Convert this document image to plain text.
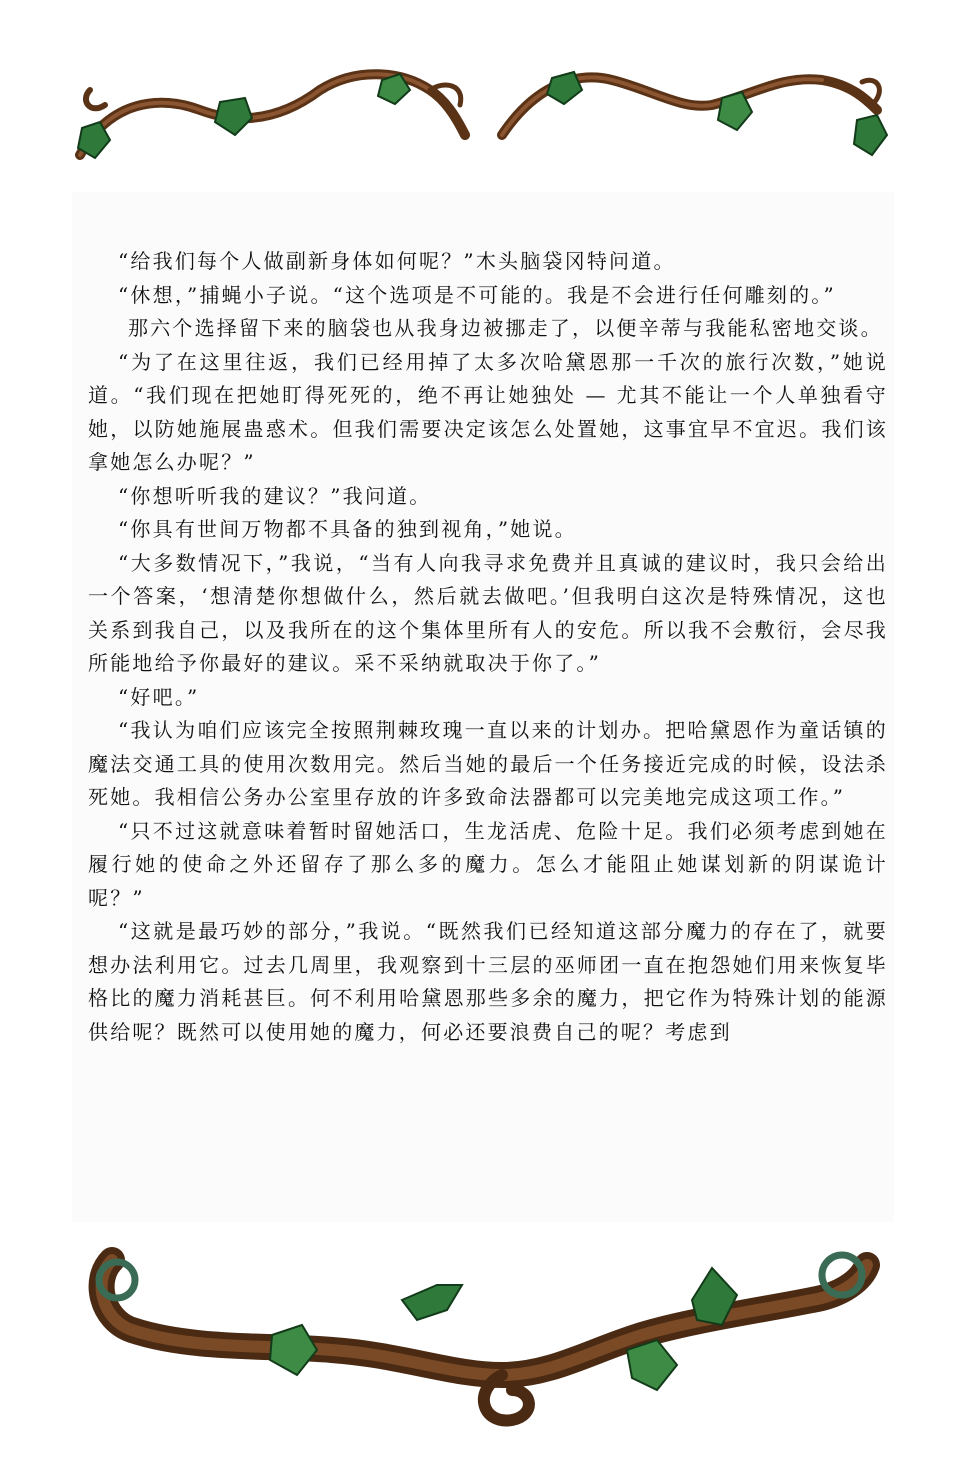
“给我们每个人做副新身体如何呢？”木头脑袋冈特问道。

“休想，”捕蝇小子说。“这个选项是不可能的。我是不会进行任何雕刻的。”

那六个选择留下来的脑袋也从我身边被挪走了，以便辛蒂与我能私密地交谈。

“为了在这里往返，我们已经用掉了太多次哈黛恩那一千次的旅行次数，”她说道。“我们现在把她盯得死死的，绝不再让她独处 — 尤其不能让一个人单独看守她，以防她施展蛊惑术。但我们需要决定该怎么处置她，这事宜早不宜迟。我们该拿她怎么办呢？”

“你想听听我的建议？”我问道。

“你具有世间万物都不具备的独到视角，”她说。

“大多数情况下，”我说，“当有人向我寻求免费并且真诚的建议时，我只会给出一个答案，‘想清楚你想做什么，然后就去做吧。’但我明白这次是特殊情况，这也关系到我自己，以及我所在的这个集体里所有人的安危。所以我不会敷衍，会尽我所能地给予你最好的建议。采不采纳就取决于你了。”

“好吧。”

“我认为咱们应该完全按照荆棘玫瑰一直以来的计划办。把哈黛恩作为童话镇的魔法交通工具的使用次数用完。然后当她的最后一个任务接近完成的时候，设法杀死她。我相信公务办公室里存放的许多致命法器都可以完美地完成这项工作。”

“只不过这就意味着暂时留她活口，生龙活虎、危险十足。我们必须考虑到她在履行她的使命之外还留存了那么多的魔力。怎么才能阻止她谋划新的阴谋诡计呢？”

“这就是最巧妙的部分，”我说。“既然我们已经知道这部分魔力的存在了，就要想办法利用它。过去几周里，我观察到十三层的巫师团一直在抱怨她们用来恢复毕格比的魔力消耗甚巨。何不利用哈黛恩那些多余的魔力，把它作为特殊计划的能源供给呢？既然可以使用她的魔力，何必还要浪费自己的呢？考虑到
